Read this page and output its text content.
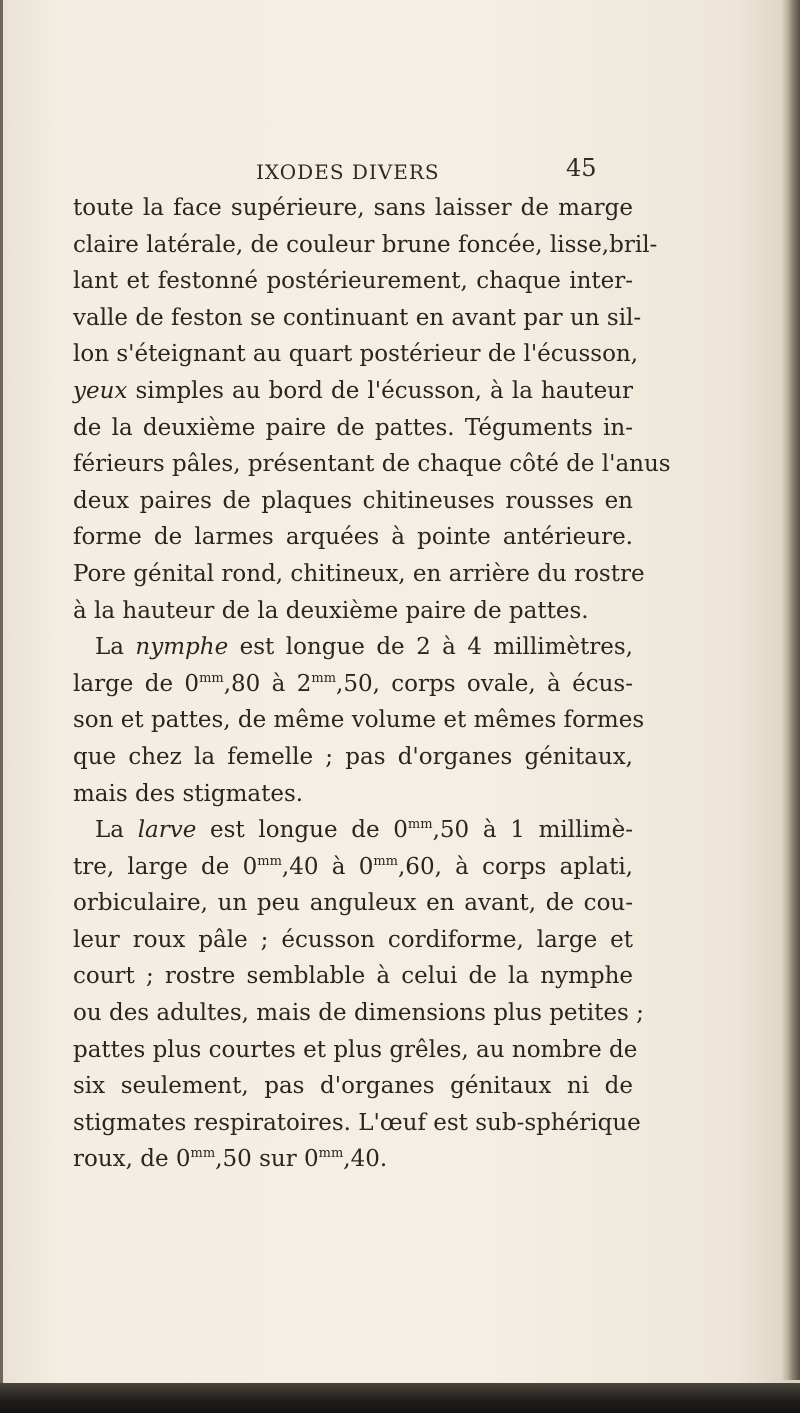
IXODES DIVERS	45
toute la face supérieure, sans laisser de marge
claire latérale, de couleur brune foncée, lisse,bril-
lant et festonné postérieurement, chaque inter-
valle de feston se continuant en avant par un sil-
lon s'éteignant au quart postérieur de l'écusson,
yeux simples au bord de l'écusson, à la hauteur
de la deuxième paire de pattes. Téguments in-
férieurs pâles, présentant de chaque côté de l'anus
deux paires de plaques chitineuses rousses en
forme de larmes arquées à pointe antérieure.
Pore génital rond, chitineux, en arrière du rostre
à la hauteur de la deuxième paire de pattes.
La nymphe est longue de 2 à 4 millimètres,
large de $0^{mm},80$ à $2^{mm},50$, corps ovale, à écus-
son et pattes, de même volume et mêmes formes
que chez la femelle ; pas d'organes génitaux,
mais des stigmates.
La larve est longue de $0^{mm},50$ à 1 millimè-
tre, large de $0^{mm},40$ à $0^{mm},60$, à corps aplati,
orbiculaire, un peu anguleux en avant, de cou-
leur roux pâle ; écusson cordiforme, large et
court ; rostre semblable à celui de la nymphe
ou des adultes, mais de dimensions plus petites ;
pattes plus courtes et plus grêles, au nombre de
six seulement, pas d'organes génitaux ni de
stigmates respiratoires. L'œuf est sub-sphérique
roux, de $0^{mm},50$ sur $0^{mm},40$.
